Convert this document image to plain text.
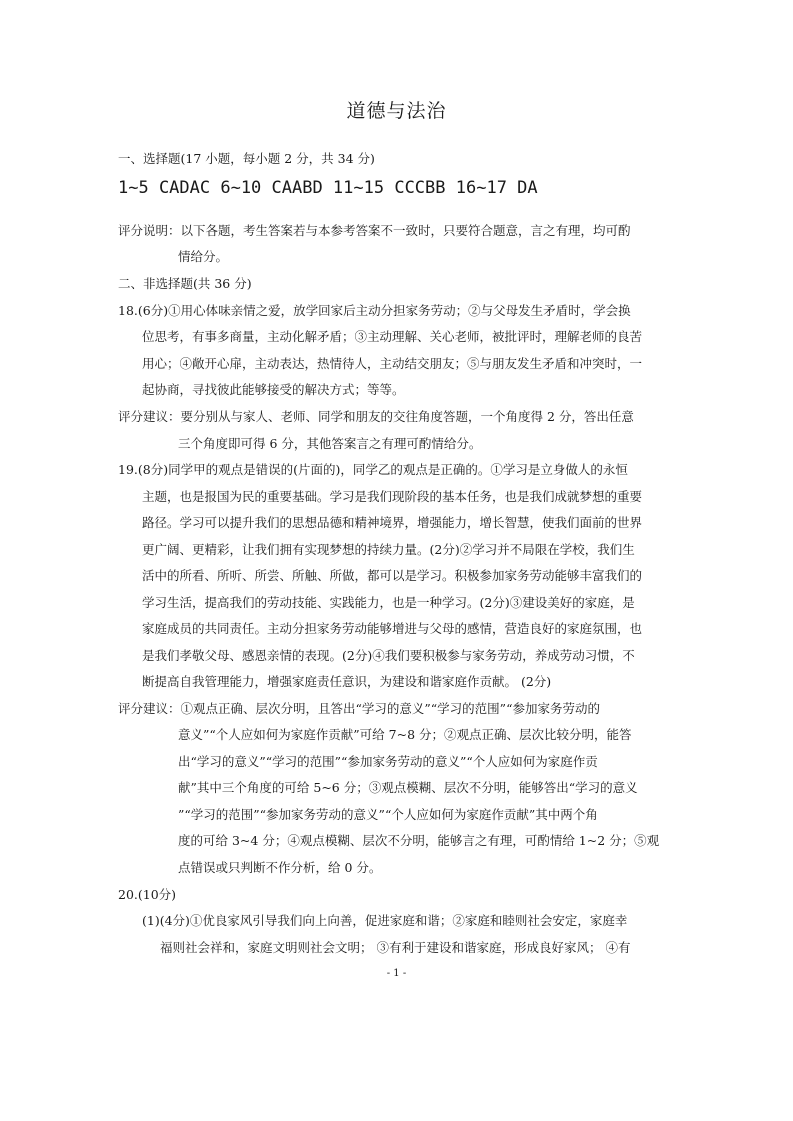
道德与法治
一、选择题(17 小题，每小题 2 分，共 34 分)
1~5 CADAC 6~10 CAABD 11~15 CCCBB 16~17 DA
评分说明：以下各题，考生答案若与本参考答案不一致时，只要符合题意，言之有理，均可酌
情给分。
二、非选择题(共 36 分)
18.(6分)①用心体味亲情之爱，放学回家后主动分担家务劳动；②与父母发生矛盾时，学会换
位思考，有事多商量，主动化解矛盾；③主动理解、关心老师，被批评时，理解老师的良苦
用心；④敞开心扉，主动表达，热情待人，主动结交朋友；⑤与朋友发生矛盾和冲突时，一
起协商，寻找彼此能够接受的解决方式；等等。
评分建议：要分别从与家人、老师、同学和朋友的交往角度答题，一个角度得 2 分，答出任意
三个角度即可得 6 分，其他答案言之有理可酌情给分。
19.(8分)同学甲的观点是错误的(片面的)，同学乙的观点是正确的。①学习是立身做人的永恒
主题，也是报国为民的重要基础。学习是我们现阶段的基本任务，也是我们成就梦想的重要
路径。学习可以提升我们的思想品德和精神境界，增强能力，增长智慧，使我们面前的世界
更广阔、更精彩，让我们拥有实现梦想的持续力量。(2分)②学习并不局限在学校，我们生
活中的所看、所听、所尝、所触、所做，都可以是学习。积极参加家务劳动能够丰富我们的
学习生活，提高我们的劳动技能、实践能力，也是一种学习。(2分)③建设美好的家庭，是
家庭成员的共同责任。主动分担家务劳动能够增进与父母的感情，营造良好的家庭氛围，也
是我们孝敬父母、感恩亲情的表现。(2分)④我们要积极参与家务劳动，养成劳动习惯，不
断提高自我管理能力，增强家庭责任意识，为建设和谐家庭作贡献。 (2分)
评分建议：①观点正确、层次分明，且答出“学习的意义”“学习的范围”“参加家务劳动的
意义”“个人应如何为家庭作贡献”可给 7~8 分；②观点正确、层次比较分明，能答
出“学习的意义”“学习的范围”“参加家务劳动的意义”“个人应如何为家庭作贡
献”其中三个角度的可给 5~6 分；③观点模糊、层次不分明，能够答出“学习的意义
”“学习的范围”“参加家务劳动的意义”“个人应如何为家庭作贡献”其中两个角
度的可给 3~4 分；④观点模糊、层次不分明，能够言之有理，可酌情给 1~2 分；⑤观
点错误或只判断不作分析，给 0 分。
20.(10分)
(1)(4分)①优良家风引导我们向上向善，促进家庭和谐；②家庭和睦则社会安定，家庭幸
福则社会祥和，家庭文明则社会文明； ③有利于建设和谐家庭，形成良好家风； ④有
- 1 -
